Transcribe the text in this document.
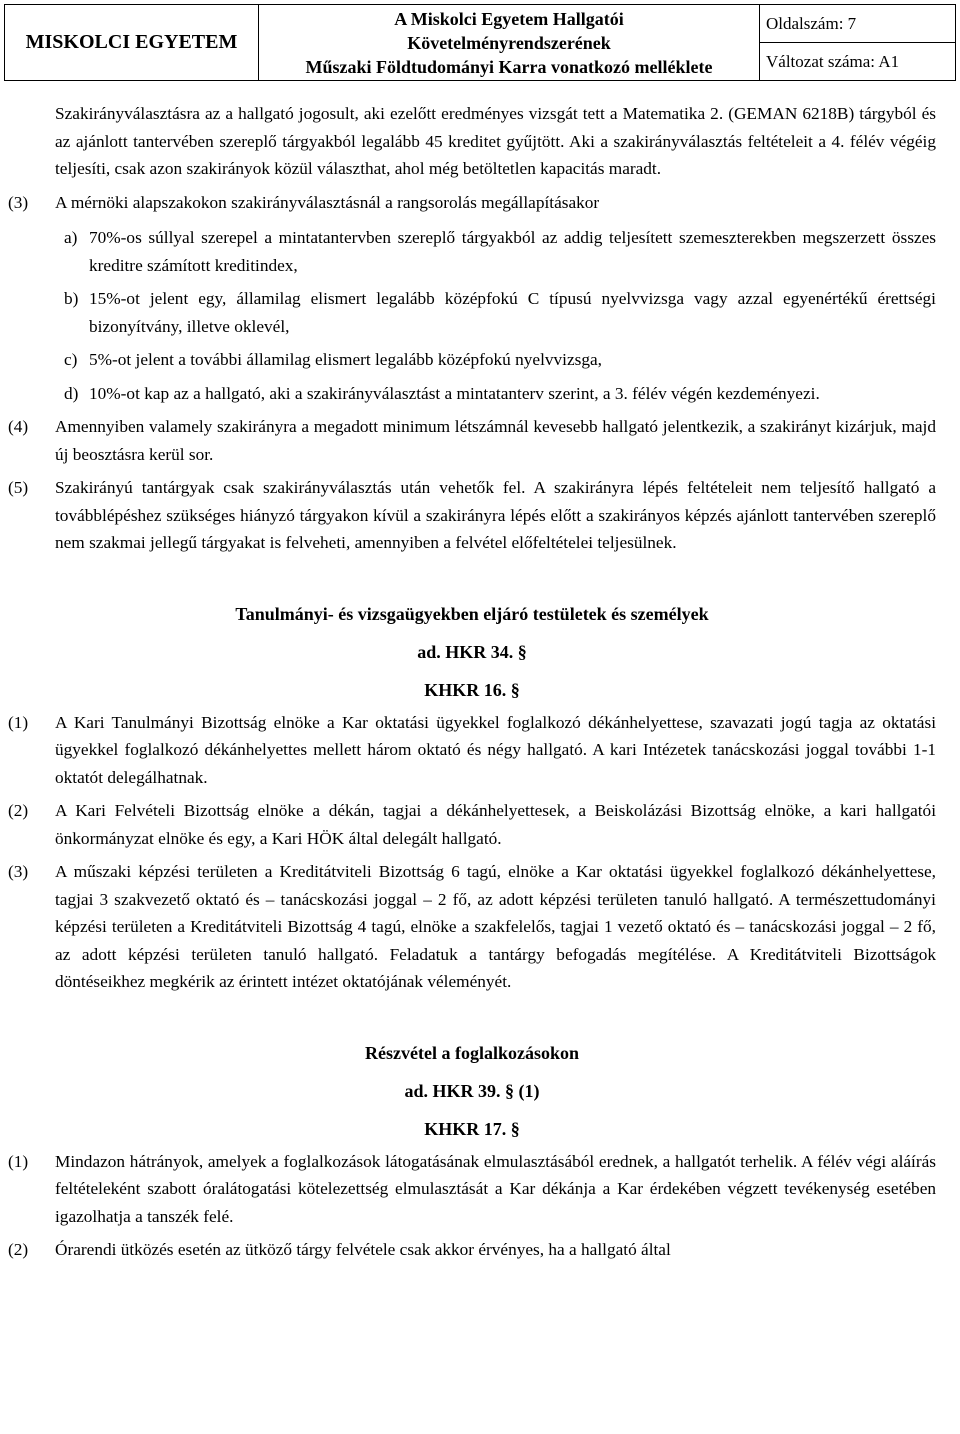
MISKOLCI EGYETEM	
A Miskolci Egyetem Hallgatói
Követelményrendszerének
Műszaki Földtudományi Karra vonatkozó melléklete
	Oldalszám: 7
Változat száma: A1

Szakirányválasztásra az a hallgató jogosult, aki ezelőtt eredményes vizsgát tett a Matematika 2. (GEMAN 6218B) tárgyból és az ajánlott tantervében szereplő tárgyakból legalább 45 kreditet gyűjtött. Aki a szakirányválasztás feltételeit a 4. félév végéig teljesíti, csak azon szakirányok közül választhat, ahol még betöltetlen kapacitás maradt.

(3) A mérnöki alapszakokon szakirányválasztásnál a rangsorolás megállapításakor
a) 70%-os súllyal szerepel a mintatantervben szereplő tárgyakból az addig teljesített szemeszterekben megszerzett összes kreditre számított kreditindex,
b) 15%-ot jelent egy, államilag elismert legalább középfokú C típusú nyelvvizsga vagy azzal egyenértékű érettségi bizonyítvány, illetve oklevél,
c) 5%-ot jelent a további államilag elismert legalább középfokú nyelvvizsga,
d) 10%-ot kap az a hallgató, aki a szakirányválasztást a mintatanterv szerint, a 3. félév végén kezdeményezi.
(4) Amennyiben valamely szakirányra a megadott minimum létszámnál kevesebb hallgató jelentkezik, a szakirányt kizárjuk, majd új beosztásra kerül sor.
(5) Szakirányú tantárgyak csak szakirányválasztás után vehetők fel. A szakirányra lépés feltételeit nem teljesítő hallgató a továbblépéshez szükséges hiányzó tárgyakon kívül a szakirányra lépés előtt a szakirányos képzés ajánlott tantervében szereplő nem szakmai jellegű tárgyakat is felveheti, amennyiben a felvétel előfeltételei teljesülnek.
Tanulmányi- és vizsgaügyekben eljáró testületek és személyek
ad. HKR 34. §
KHKR 16. §
(1) A Kari Tanulmányi Bizottság elnöke a Kar oktatási ügyekkel foglalkozó dékánhelyettese, szavazati jogú tagja az oktatási ügyekkel foglalkozó dékánhelyettes mellett három oktató és négy hallgató. A kari Intézetek tanácskozási joggal további 1-1 oktatót delegálhatnak.
(2) A Kari Felvételi Bizottság elnöke a dékán, tagjai a dékánhelyettesek, a Beiskolázási Bizottság elnöke, a kari hallgatói önkormányzat elnöke és egy, a Kari HÖK által delegált hallgató.
(3) A műszaki képzési területen a Kreditátviteli Bizottság 6 tagú, elnöke a Kar oktatási ügyekkel foglalkozó dékánhelyettese, tagjai 3 szakvezető oktató és – tanácskozási joggal – 2 fő, az adott képzési területen tanuló hallgató. A természettudományi képzési területen a Kreditátviteli Bizottság 4 tagú, elnöke a szakfelelős, tagjai 1 vezető oktató és – tanácskozási joggal – 2 fő, az adott képzési területen tanuló hallgató. Feladatuk a tantárgy befogadás megítélése. A Kreditátviteli Bizottságok döntéseikhez megkérik az érintett intézet oktatójának véleményét.
Részvétel a foglalkozásokon
ad. HKR 39. § (1)
KHKR 17. §
(1) Mindazon hátrányok, amelyek a foglalkozások látogatásának elmulasztásából erednek, a hallgatót terhelik. A félév végi aláírás feltételeként szabott óralátogatási kötelezettség elmulasztását a Kar dékánja a Kar érdekében végzett tevékenység esetében igazolhatja a tanszék felé.
(2) Órarendi ütközés esetén az ütköző tárgy felvétele csak akkor érvényes, ha a hallgató által
